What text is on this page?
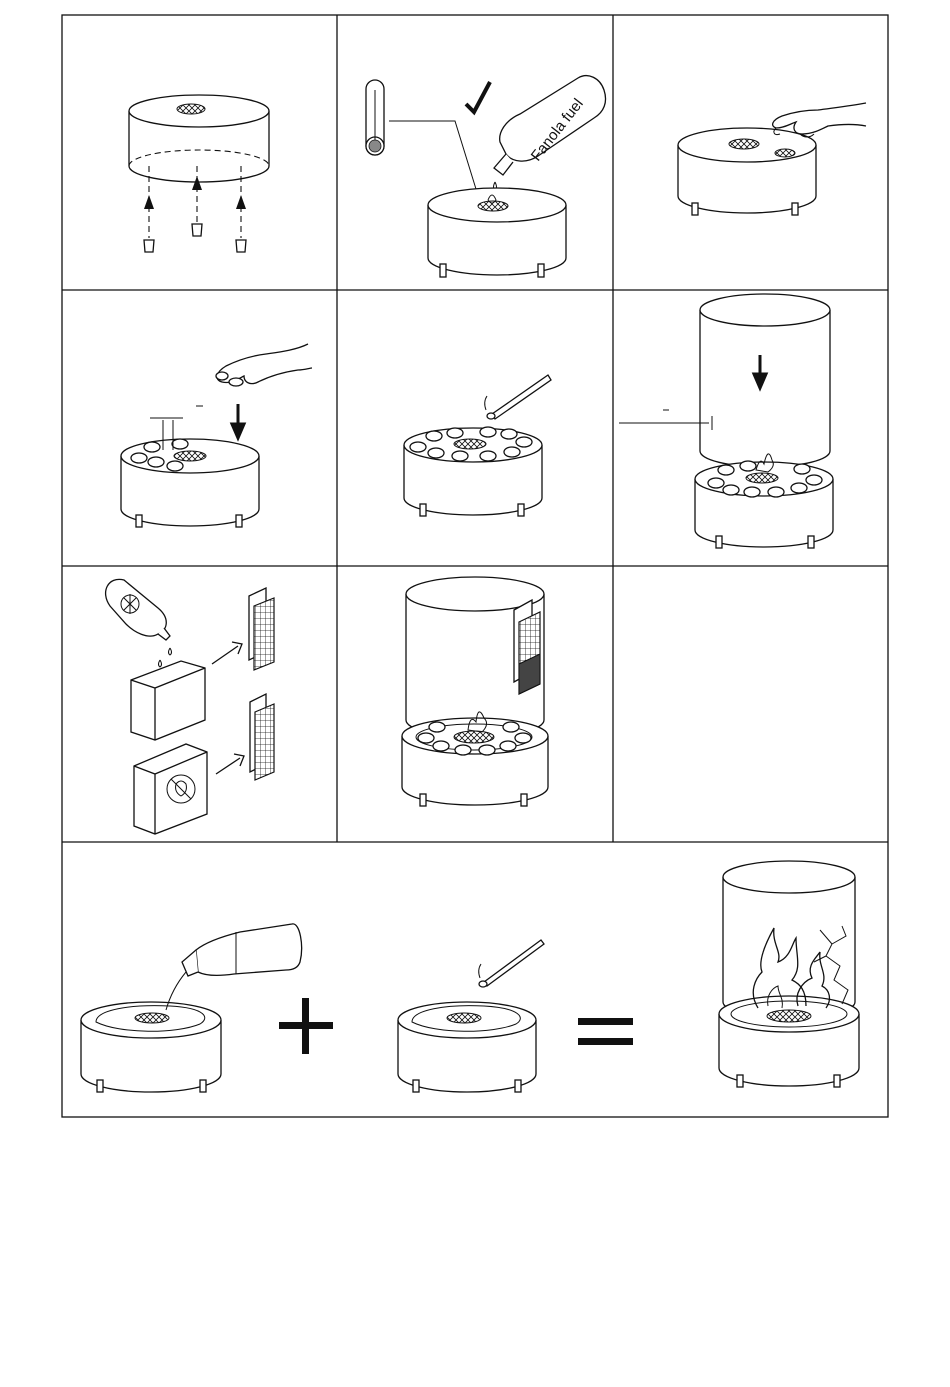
Fanola fuel
